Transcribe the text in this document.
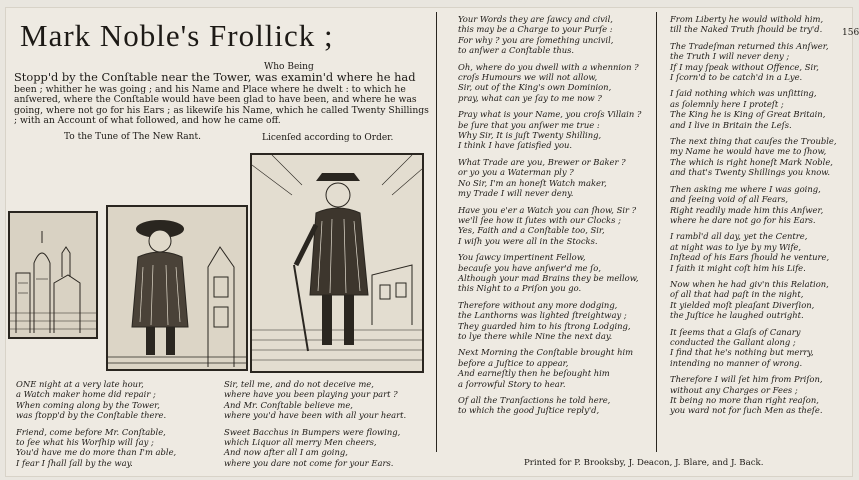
Mark Noble's Frollick ;	156
Who Being
Stopp'd by the Conſtable near the Tower, was examin'd where he had been ; whither he was going ; and his Name and Place where he dwelt : to which he anſwered, where the Conſtable would have been glad to have been, and where he was going, where not go for his Ears ; as likewiſe his Name, which he called Twenty Shillings ; with an Account of what followed, and how he came off.
To the Tune of The New Rant.	Licenſed according to Order.

ONE night at a very late hour,

a Watch maker home did repair ;

When coming along by the Tower,

was ſtopp'd by the Conſtable there.

Friend, come before Mr. Conſtable,

to ſee what his Worſhip will ſay ;

You'd have me do more than I'm able,

I fear I ſhall ſall by the way.

Sir, tell me, and do not deceive me,

where have you been playing your part ?

And Mr. Conſtable believe me,

where you'd have been with all your heart.

Sweet Bacchus in Bumpers were flowing,

which Liquor all merry Men cheers,

And now after all I am going,

where you dare not come for your Ears.

Your Words they are ſawcy and civil,

this may be a Charge to your Purſe :

For why ? you are ſomething uncivil,

to anſwer a Conſtable thus.

Oh, where do you dwell with a whennion ?

croſs Humours we will not allow,

Sir, out of the King's own Dominion,

pray, what can ye ſay to me now ?

Pray what is your Name, you croſs Villain ?

be ſure that you anſwer me true :

Why Sir, It is juſt Twenty Shilling,

I think I have ſatisfied you.

What Trade are you, Brewer or Baker ?

or yo you a Waterman ply ?

No Sir, I'm an honeſt Watch maker,

my Trade I will never deny.

Have you e'er a Watch you can ſhow, Sir ?

we'll ſee how it ſutes with our Clocks ;

Yes, Faith and a Conſtable too, Sir,

I wiſh you were all in the Stocks.

You ſawcy impertinent Fellow,

becauſe you have anſwer'd me ſo,

Although your mad Brains they be mellow,

this Night to a Priſon you go.

Therefore without any more dodging,

the Lanthorns was lighted ſtreightway ;

They guarded him to his ſtrong Lodging,

to lye there while Nine the next day.

Next Morning the Conſtable brought him

before a Juſtice to appear,

And earneſtly then he beſought him

a ſorrowful Story to hear.

Of all the Tranſactions he told here,

to which the good Juſtice reply'd,

From Liberty he would withold him,

till the Naked Truth ſhould be try'd.

The Tradeſman returned this Anſwer,

the Truth I will never deny ;

If I may ſpeak without Offence, Sir,

I ſcorn'd to be catch'd in a Lye.

I ſaid nothing which was unſitting,

as ſolemnly here I proteſt ;

The King he is King of Great Britain,

and I live in Britain the Leſs.

The next thing that cauſes the Trouble,

my Name he would have me to ſhow,

The which is right honeſt Mark Noble,

and that's Twenty Shillings you know.

Then asking me where I was going,

and ſeeing void of all Fears,

Right readily made him this Anſwer,

where he dare not go for his Ears.

I rambl'd all day, yet the Centre,

at night was to lye by my Wife,

Inſtead of his Ears ſhould he venture,

I faith it might coſt him his Life.

Now when he had giv'n this Relation,

of all that had paſt in the night,

It yielded moſt pleaſant Diverſion,

the Juſtice he laughed outright.

It ſeems that a Glaſs of Canary

conducted the Gallant along ;

I find that he's nothing but merry,

intending no manner of wrong.

Therefore I will ſet him from Priſon,

without any Charges or Fees ;

It being no more than right reaſon,

you ward not for ſuch Men as theſe.

Printed for P. Brooksby, J. Deacon, J. Blare, and J. Back.
